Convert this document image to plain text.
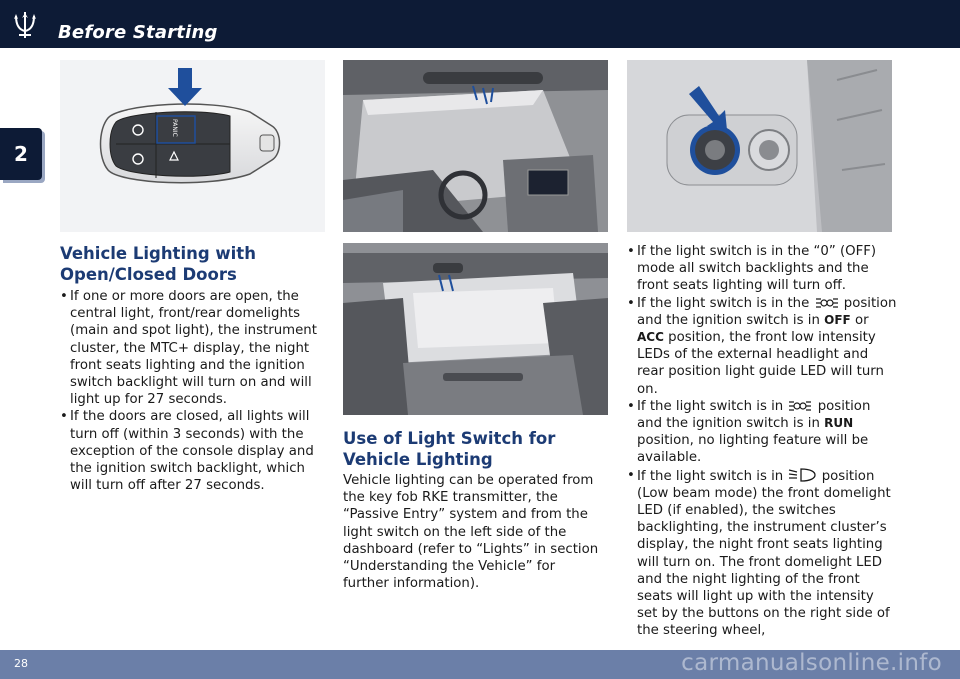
Before Starting
2
PANIC
Vehicle Lighting with Open/Closed Doors
• If one or more doors are open, the central light, front/rear domelights (main and spot light), the instrument cluster, the MTC+ display, the night front seats lighting and the ignition switch backlight will turn on and will light up for 27 seconds.
• If the doors are closed, all lights will turn off (within 3 seconds) with the exception of the console display and the ignition switch backlight, which will turn off after 27 seconds.
Use of Light Switch for Vehicle Lighting

Vehicle lighting can be operated from the key fob RKE transmitter, the “Passive Entry” system and from the light switch on the left side of the dashboard (refer to “Lights” in section “Understanding the Vehicle” for further information).

• If the light switch is in the “0” (OFF) mode all switch backlights and the front seats lighting will turn off.
• If the light switch is in the	position and the ignition switch is in OFF or ACC position, the front low intensity LEDs of the external headlight and rear position light guide LED will turn on.
• If the light switch is in	position and the ignition switch is in RUN position, no lighting feature will be available.
• If the light switch is in	position (Low beam mode) the front domelight LED (if enabled), the switches backlighting, the instrument cluster’s display, the night front seats lighting will turn on. The front domelight LED and the night lighting of the front seats will light up with the intensity set by the buttons on the right side of the steering wheel,
28	carmanualsonline.info
